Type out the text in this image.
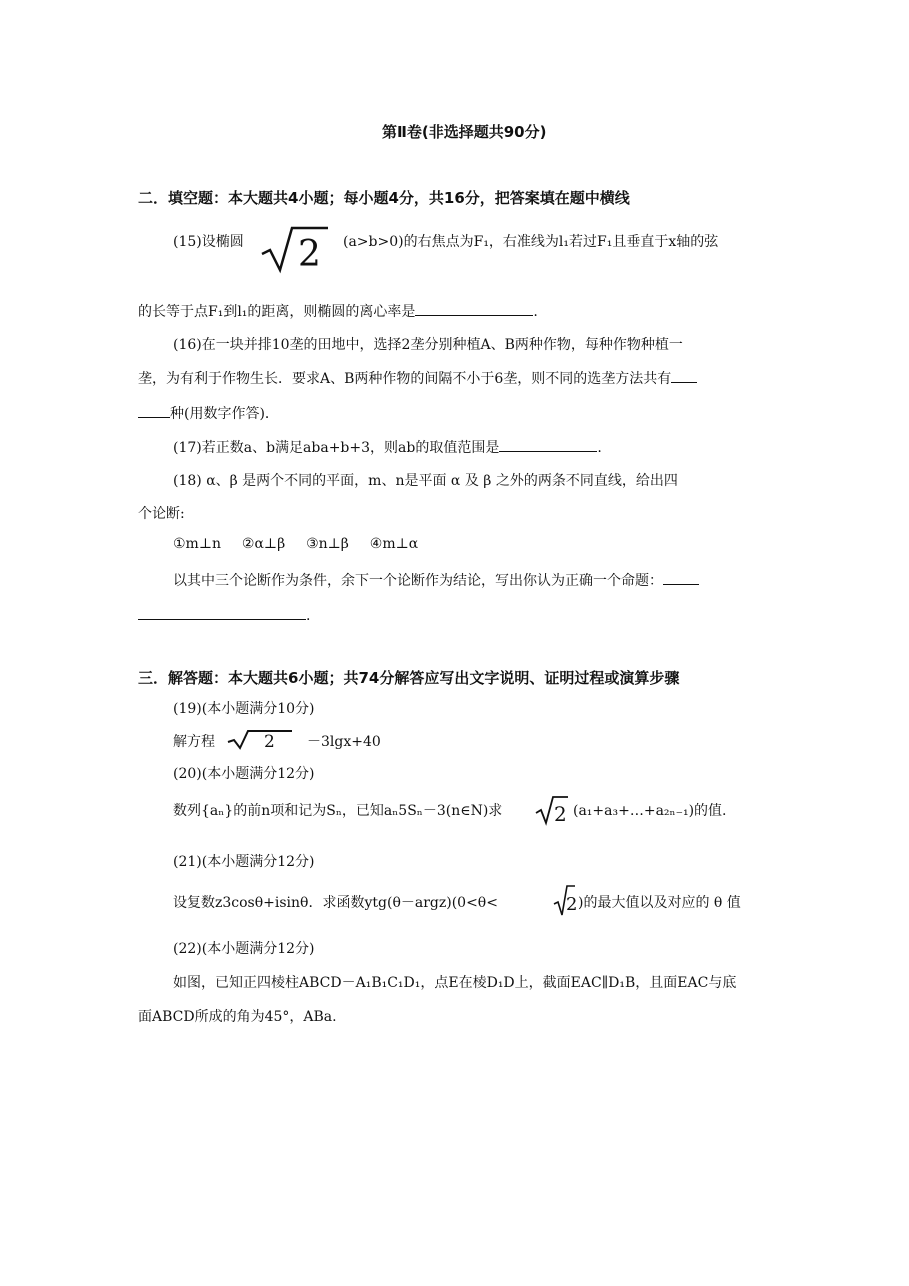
第Ⅱ卷(非选择题共90分)
二．填空题：本大题共4小题；每小题4分，共16分，把答案填在题中横线
(15)设椭圆 2 (a>b>0)的右焦点为F₁，右准线为l₁若过F₁且垂直于x轴的弦
的长等于点F₁到l₁的距离，则椭圆的离心率是	.
(16)在一块并排10垄的田地中，选择2垄分别种植A、B两种作物，每种作物种植一
垄，为有利于作物生长．要求A、B两种作物的间隔不小于6垄，则不同的选垄方法共有
种(用数字作答)．
(17)若正数a、b满足aba+b+3，则ab的取值范围是	.
(18) α、β 是两个不同的平面，m、n是平面 α 及 β 之外的两条不同直线，给出四
个论断:
①m⊥n  ②α⊥β  ③n⊥β  ④m⊥α
以其中三个论断作为条件，余下一个论断作为结论，写出你认为正确一个命题：
.
三．解答题：本大题共6小题；共74分解答应写出文字说明、证明过程或演算步骤
(19)(本小题满分10分)
解方程	2 －3lgx+40
(20)(本小题满分12分)
数列{aₙ}的前n项和记为Sₙ，已知aₙ5Sₙ－3(n∈N)求	2 (a₁+a₃+…+a₂ₙ₋₁)的值.
(21)(本小题满分12分)
设复数z3cosθ+isinθ．求函数ytg(θ－argz)(0<θ<	2 )的最大值以及对应的 θ 值
(22)(本小题满分12分)
如图，已知正四棱柱ABCD－A₁B₁C₁D₁，点E在棱D₁D上，截面EAC∥D₁B，且面EAC与底
面ABCD所成的角为45°，ABa.
